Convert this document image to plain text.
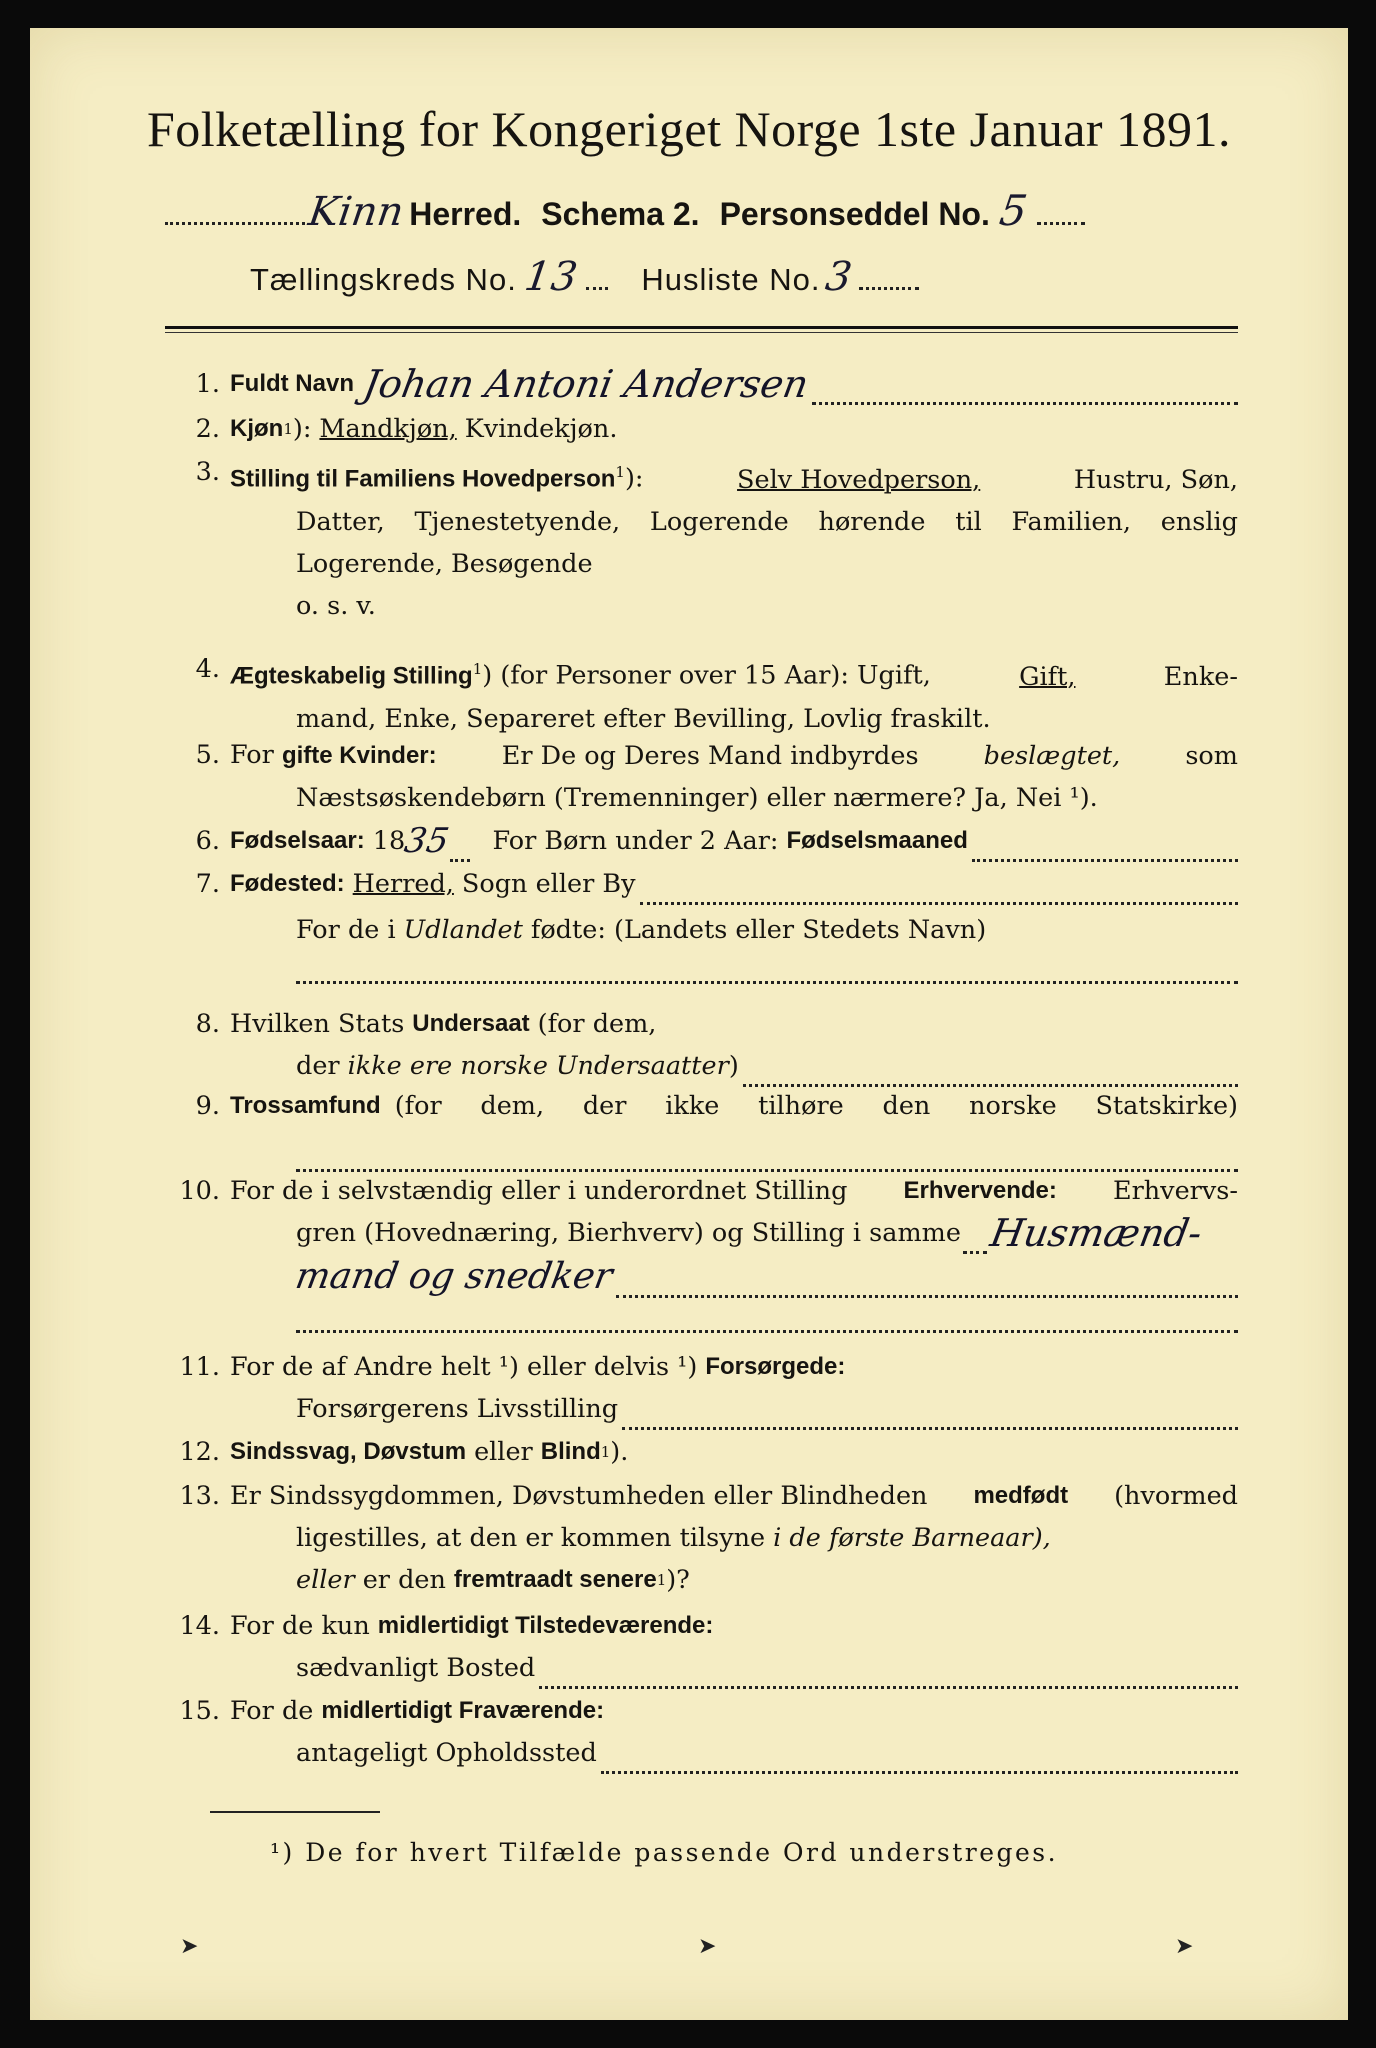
Folketælling for Kongeriget Norge 1ste Januar 1891.
Kinn Herred. Schema 2. Personseddel No. 5
Tællingskreds No. 13 Husliste No.3
1. Fuldt Navn Johan Antoni Andersen
2. Kjøn 1 ): Mandkjøn, Kvindekjøn.
3. Stilling til Familiens Hovedperson$^1$):	Selv Hovedperson,	Hustru, Søn,
Datter, Tjenestetyende, Logerende hørende til Familien, enslig
Logerende, Besøgende
o. s. v.
4. Ægteskabelig Stilling$^1$) (for Personer over 15 Aar): Ugift,	Gift,	Enke-
mand, Enke, Separeret efter Bevilling, Lovlig fraskilt.
5. For gifte Kvinder:	Er De og Deres Mand indbyrdes	beslægtet,	som
Næstsøskendebørn (Tremenninger) eller nærmere? Ja, Nei ¹).
6. Fødselsaar: 18
35 For Børn under 2 Aar: Fødselsmaaned
7. Fødested: Herred, Sogn eller By
For de i Udlandet fødte: (Landets eller Stedets Navn)
8. Hvilken Stats Undersaat (for dem,
der ikke ere norske Undersaatter )
9. Trossamfund (for dem, der ikke tilhøre den norske Statskirke)
10. For de i selvstændig eller i underordnet Stilling Erhvervende: Erhvervs-
gren (Hovednæring, Bierhverv) og Stilling i samme Husmænd-
mand og snedker
11. For de af Andre helt ¹) eller delvis ¹) Forsørgede:
Forsørgerens Livsstilling
12. Sindssvag, Døvstum eller Blind 1 ).
13. Er Sindssygdommen, Døvstumheden eller Blindheden medfødt (hvormed
ligestilles, at den er kommen tilsyne i de første Barneaar),
eller er den fremtraadt senere 1 )?
14. For de kun midlertidigt Tilstedeværende:
sædvanligt Bosted
15. For de midlertidigt Fraværende:
antageligt Opholdssted
¹) De for hvert Tilfælde passende Ord understreges.
➤	➤	➤
